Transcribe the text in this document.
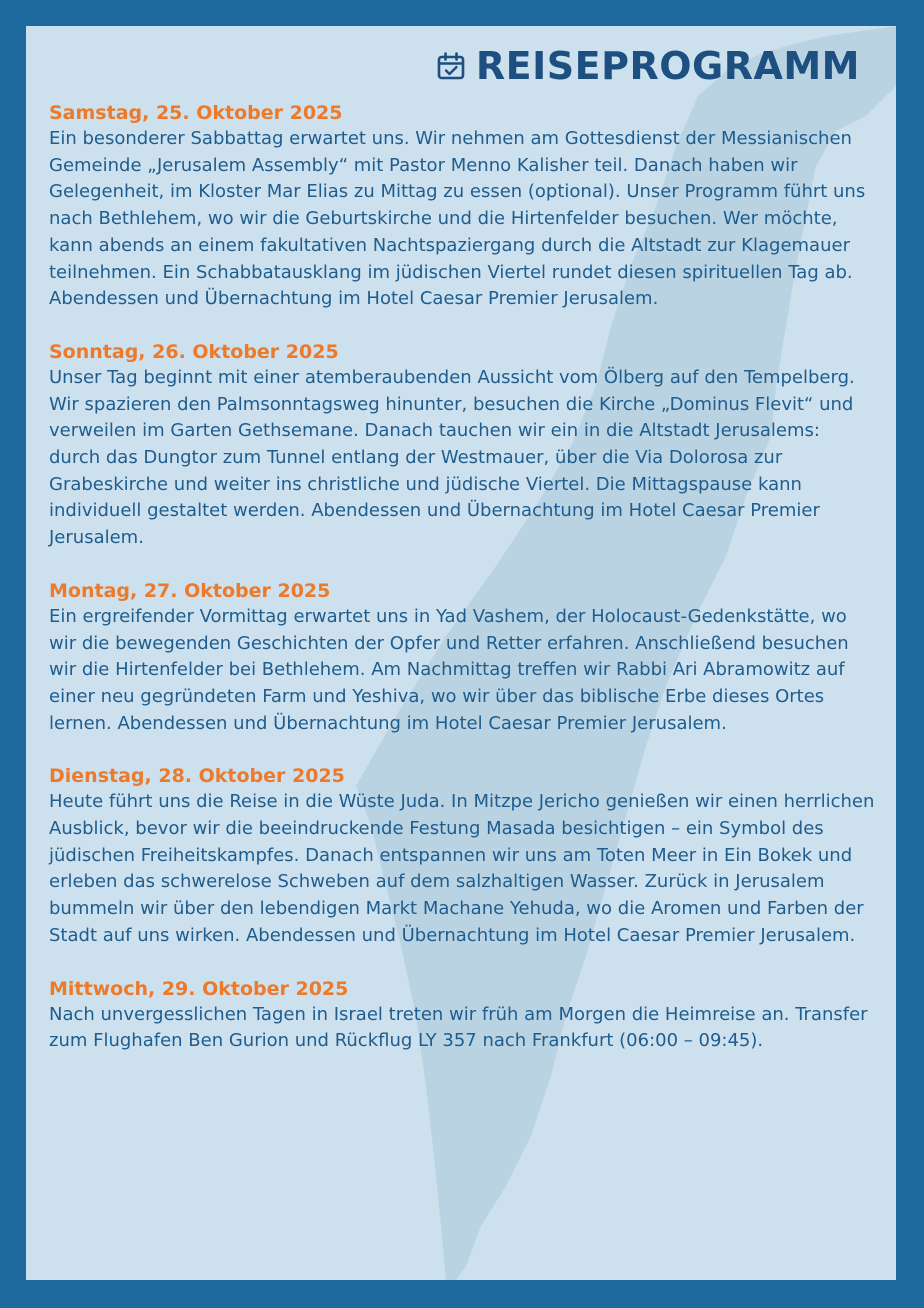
REISEPROGRAMM
Samstag, 25. Oktober 2025
Ein besonderer Sabbattag erwartet uns. Wir nehmen am Gottesdienst der Messianischen Gemeinde „Jerusalem Assembly“ mit Pastor Menno Kalisher teil. Danach haben wir Gelegenheit, im Kloster Mar Elias zu Mittag zu essen (optional). Unser Programm führt uns nach Bethlehem, wo wir die Geburtskirche und die Hirtenfelder besuchen. Wer möchte, kann abends an einem fakultativen Nachtspaziergang durch die Altstadt zur Klagemauer teilnehmen. Ein Schabbatausklang im jüdischen Viertel rundet diesen spirituellen Tag ab. Abendessen und Übernachtung im Hotel Caesar Premier Jerusalem.
Sonntag, 26. Oktober 2025
Unser Tag beginnt mit einer atemberaubenden Aussicht vom Ölberg auf den Tempelberg. Wir spazieren den Palmsonntagsweg hinunter, besuchen die Kirche „Dominus Flevit“ und verweilen im Garten Gethsemane. Danach tauchen wir ein in die Altstadt Jerusalems: durch das Dungtor zum Tunnel entlang der Westmauer, über die Via Dolorosa zur Grabeskirche und weiter ins christliche und jüdische Viertel. Die Mittagspause kann individuell gestaltet werden. Abendessen und Übernachtung im Hotel Caesar Premier Jerusalem.
Montag, 27. Oktober 2025
Ein ergreifender Vormittag erwartet uns in Yad Vashem, der Holocaust-Gedenkstätte, wo wir die bewegenden Geschichten der Opfer und Retter erfahren. Anschließend besuchen wir die Hirtenfelder bei Bethlehem. Am Nachmittag treffen wir Rabbi Ari Abramowitz auf einer neu gegründeten Farm und Yeshiva, wo wir über das biblische Erbe dieses Ortes lernen. Abendessen und Übernachtung im Hotel Caesar Premier Jerusalem.
Dienstag, 28. Oktober 2025
Heute führt uns die Reise in die Wüste Juda. In Mitzpe Jericho genießen wir einen herrlichen Ausblick, bevor wir die beeindruckende Festung Masada besichtigen – ein Symbol des jüdischen Freiheitskampfes. Danach entspannen wir uns am Toten Meer in Ein Bokek und erleben das schwerelose Schweben auf dem salzhaltigen Wasser. Zurück in Jerusalem bummeln wir über den lebendigen Markt Machane Yehuda, wo die Aromen und Farben der Stadt auf uns wirken. Abendessen und Übernachtung im Hotel Caesar Premier Jerusalem.
Mittwoch, 29. Oktober 2025
Nach unvergesslichen Tagen in Israel treten wir früh am Morgen die Heimreise an. Transfer zum Flughafen Ben Gurion und Rückflug LY 357 nach Frankfurt (06:00 – 09:45).
